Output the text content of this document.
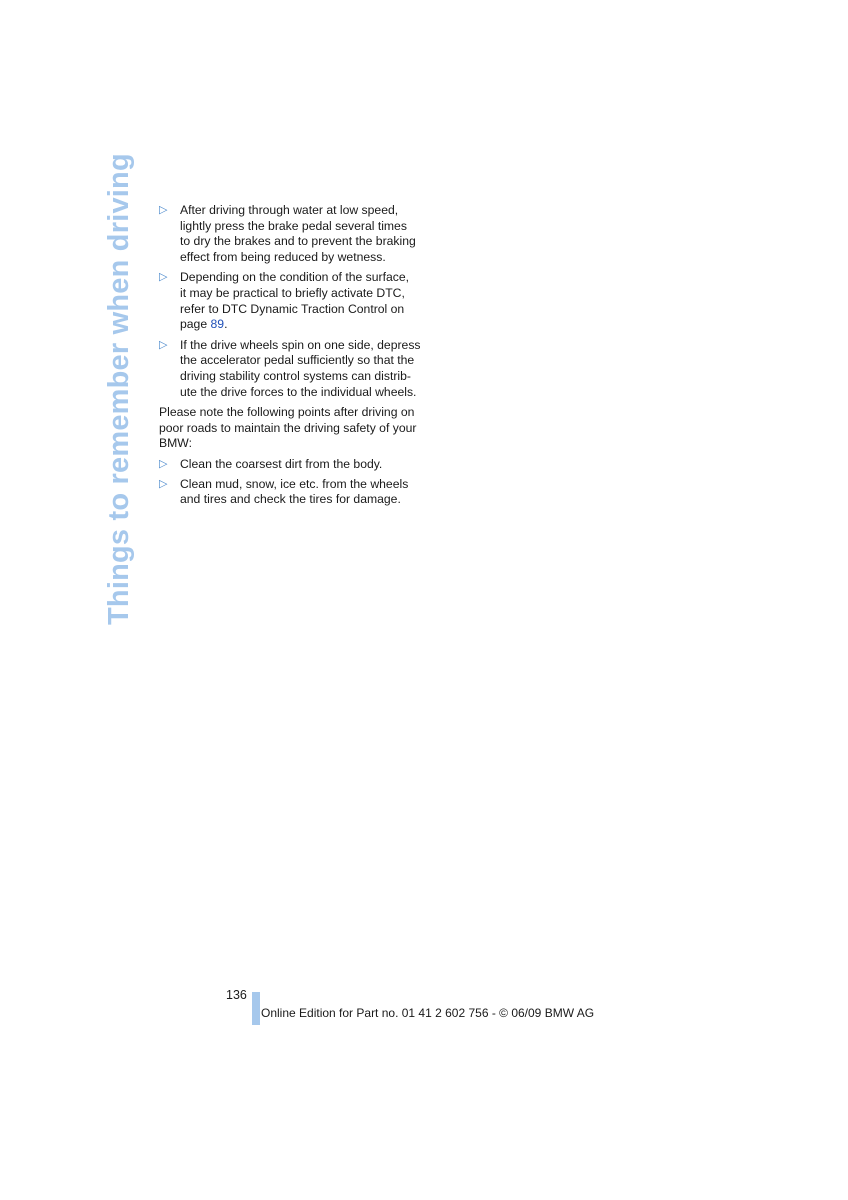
Things to remember when driving ▷ After driving through water at low speed,
lightly press the brake pedal several times
to dry the brakes and to prevent the braking
effect from being reduced by wetness.
▷ Depending on the condition of the surface,
it may be practical to briefly activate DTC,
refer to DTC Dynamic Traction Control on
page 89.
▷ If the drive wheels spin on one side, depress
the accelerator pedal sufficiently so that the
driving stability control systems can distrib-
ute the drive forces to the individual wheels.

Please note the following points after driving on
poor roads to maintain the driving safety of your
BMW:

▷ Clean the coarsest dirt from the body.
▷ Clean mud, snow, ice etc. from the wheels
and tires and check the tires for damage.
136
Online Edition for Part no. 01 41 2 602 756 - © 06/09 BMW AG
